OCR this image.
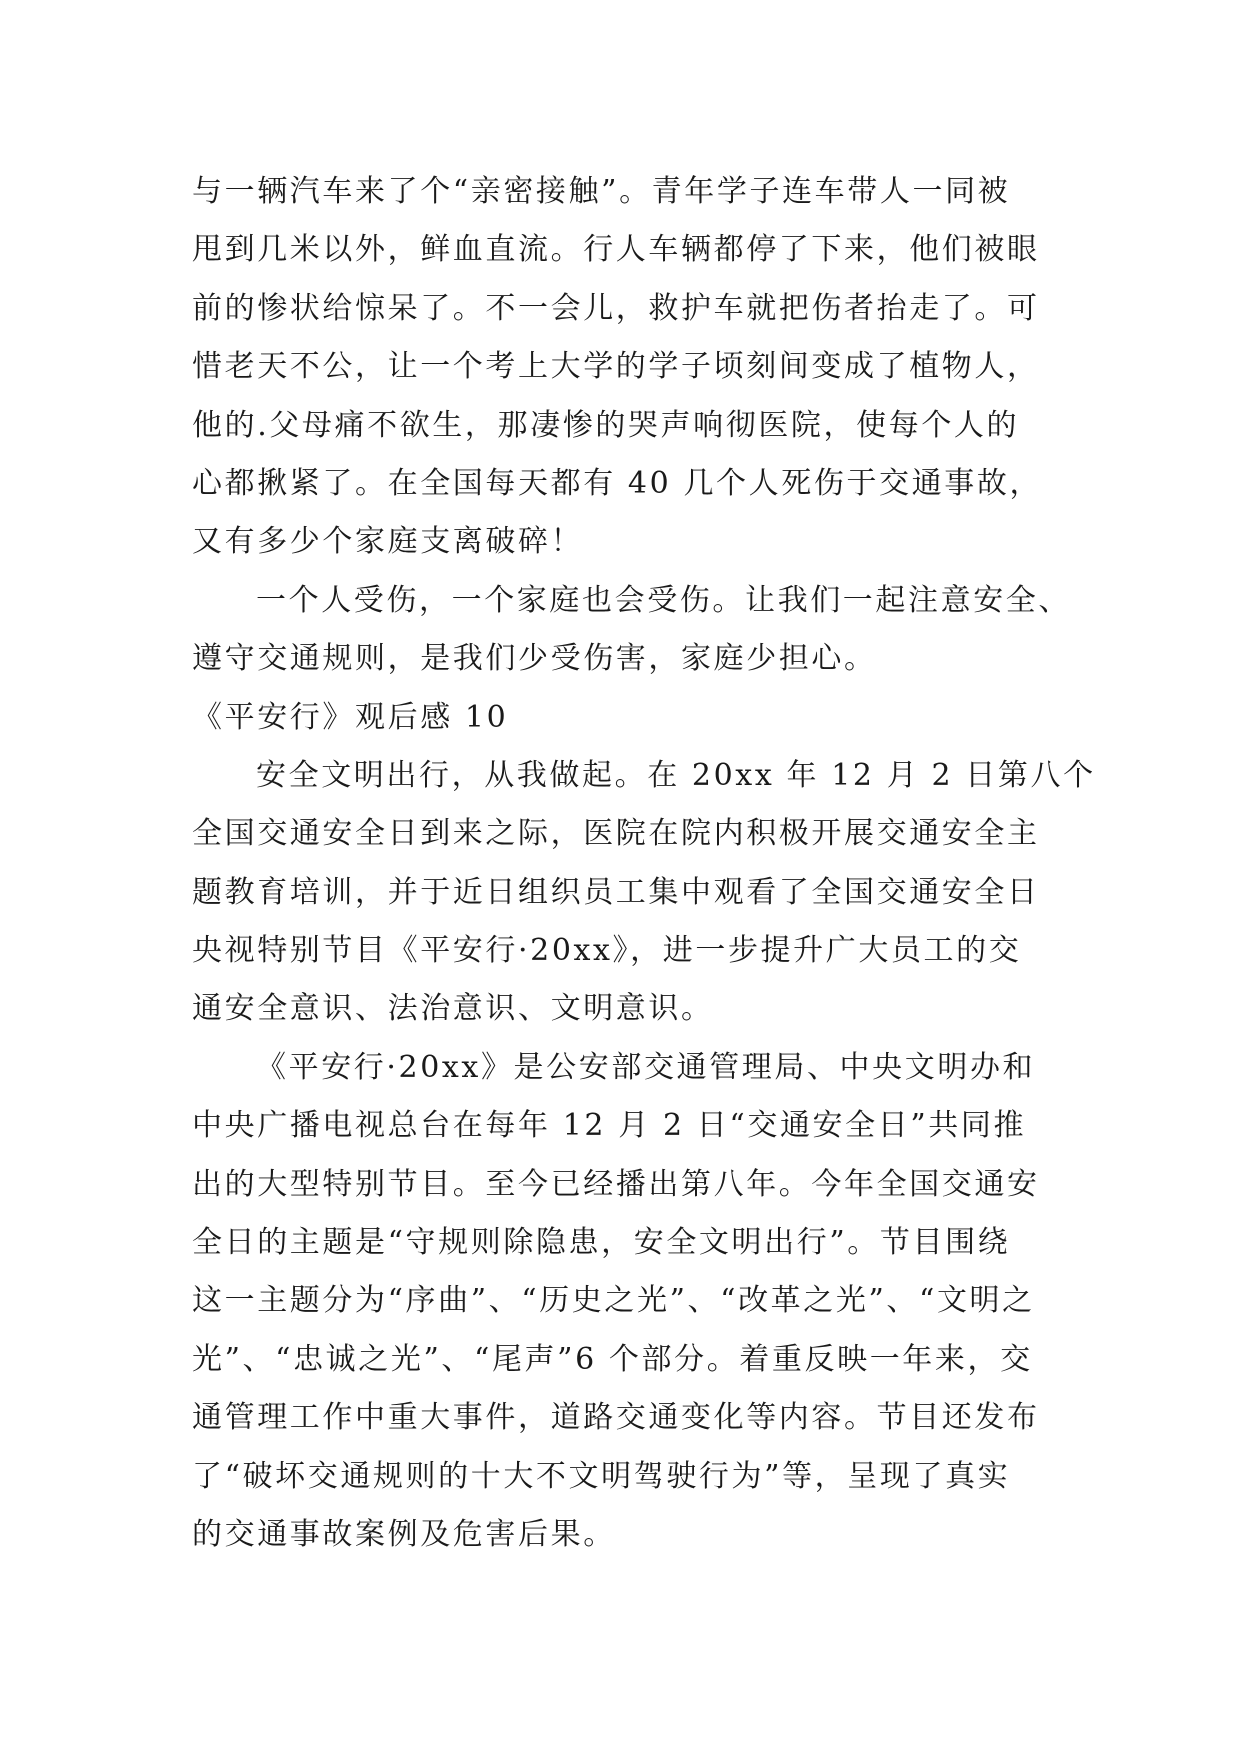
与一辆汽车来了个“亲密接触”。青年学子连车带人一同被
甩到几米以外，鲜血直流。行人车辆都停了下来，他们被眼
前的惨状给惊呆了。不一会儿，救护车就把伤者抬走了。可
惜老天不公，让一个考上大学的学子顷刻间变成了植物人，
他的.父母痛不欲生，那凄惨的哭声响彻医院，使每个人的
心都揪紧了。在全国每天都有 40 几个人死伤于交通事故，
又有多少个家庭支离破碎！
一个人受伤，一个家庭也会受伤。让我们一起注意安全、
遵守交通规则，是我们少受伤害，家庭少担心。
《平安行》观后感 10
安全文明出行，从我做起。在 20xx 年 12 月 2 日第八个
全国交通安全日到来之际，医院在院内积极开展交通安全主
题教育培训，并于近日组织员工集中观看了全国交通安全日
央视特别节目《平安行·20xx》，进一步提升广大员工的交
通安全意识、法治意识、文明意识。
《平安行·20xx》是公安部交通管理局、中央文明办和
中央广播电视总台在每年 12 月 2 日“交通安全日”共同推
出的大型特别节目。至今已经播出第八年。今年全国交通安
全日的主题是“守规则除隐患，安全文明出行”。节目围绕
这一主题分为“序曲”、“历史之光”、“改革之光”、“文明之
光”、“忠诚之光”、“尾声”6 个部分。着重反映一年来，交
通管理工作中重大事件，道路交通变化等内容。节目还发布
了“破坏交通规则的十大不文明驾驶行为”等，呈现了真实
的交通事故案例及危害后果。
